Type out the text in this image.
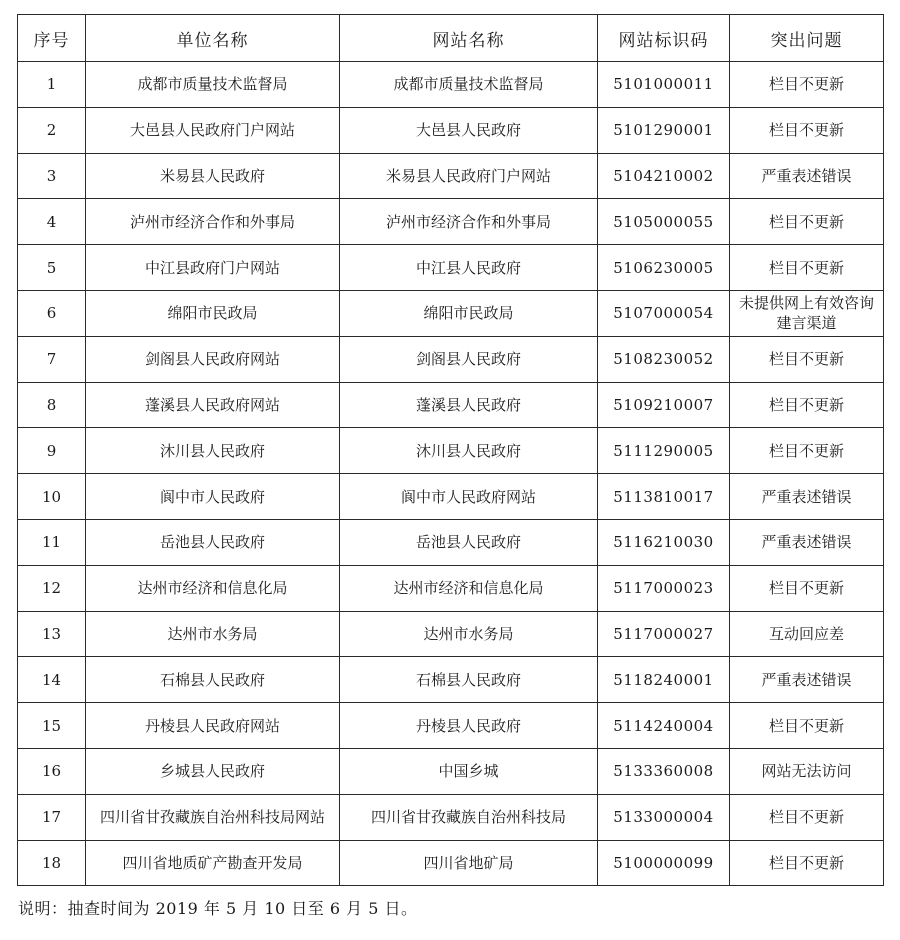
序号	单位名称	网站名称	网站标识码	突出问题
1	成都市质量技术监督局	成都市质量技术监督局	5101000011	栏目不更新
2	大邑县人民政府门户网站	大邑县人民政府	5101290001	栏目不更新
3	米易县人民政府	米易县人民政府门户网站	5104210002	严重表述错误
4	泸州市经济合作和外事局	泸州市经济合作和外事局	5105000055	栏目不更新
5	中江县政府门户网站	中江县人民政府	5106230005	栏目不更新
6	绵阳市民政局	绵阳市民政局	5107000054	未提供网上有效咨询建言渠道
7	剑阁县人民政府网站	剑阁县人民政府	5108230052	栏目不更新
8	蓬溪县人民政府网站	蓬溪县人民政府	5109210007	栏目不更新
9	沐川县人民政府	沐川县人民政府	5111290005	栏目不更新
10	阆中市人民政府	阆中市人民政府网站	5113810017	严重表述错误
11	岳池县人民政府	岳池县人民政府	5116210030	严重表述错误
12	达州市经济和信息化局	达州市经济和信息化局	5117000023	栏目不更新
13	达州市水务局	达州市水务局	5117000027	互动回应差
14	石棉县人民政府	石棉县人民政府	5118240001	严重表述错误
15	丹棱县人民政府网站	丹棱县人民政府	5114240004	栏目不更新
16	乡城县人民政府	中国乡城	5133360008	网站无法访问
17	四川省甘孜藏族自治州科技局网站	四川省甘孜藏族自治州科技局	5133000004	栏目不更新
18	四川省地质矿产勘查开发局	四川省地矿局	5100000099	栏目不更新
说明：抽查时间为 2019 年 5 月 10 日至 6 月 5 日。
